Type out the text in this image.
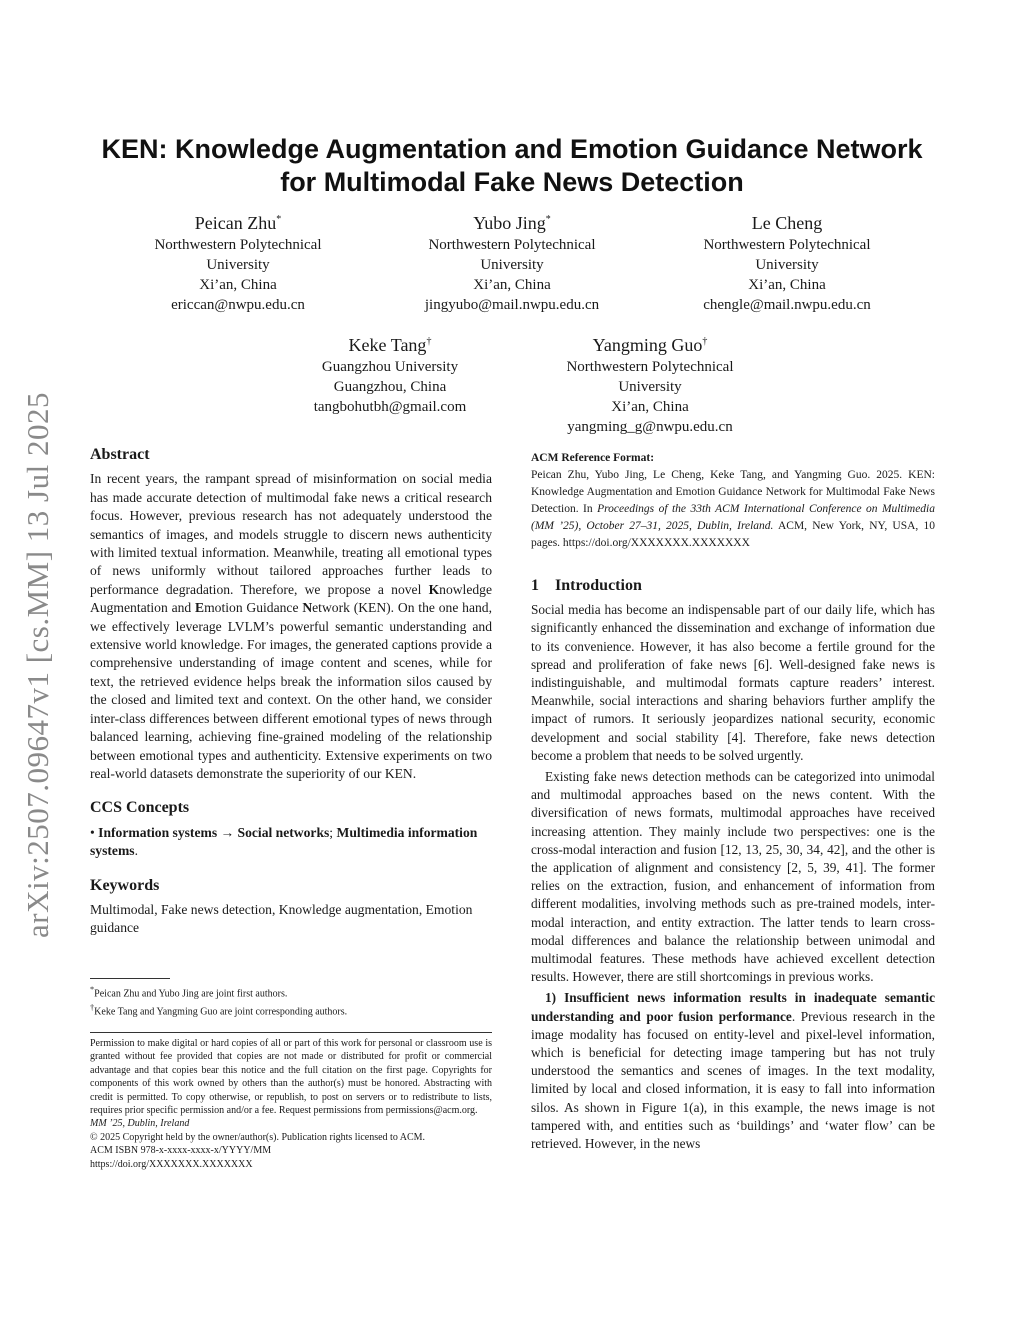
arXiv:2507.09647v1 [cs.MM] 13 Jul 2025
KEN: Knowledge Augmentation and Emotion Guidance Network
for Multimodal Fake News Detection
Peican Zhu*
Northwestern Polytechnical
University
Xi’an, China
ericcan@nwpu.edu.cn
Yubo Jing*
Northwestern Polytechnical
University
Xi’an, China
jingyubo@mail.nwpu.edu.cn
Le Cheng
Northwestern Polytechnical
University
Xi’an, China
chengle@mail.nwpu.edu.cn
Keke Tang†
Guangzhou University
Guangzhou, China
tangbohutbh@gmail.com
Yangming Guo†
Northwestern Polytechnical
University
Xi’an, China
yangming_g@nwpu.edu.cn
Abstract

In recent years, the rampant spread of misinformation on social media has made accurate detection of multimodal fake news a critical research focus. However, previous research has not adequately understood the semantics of images, and models struggle to discern news authenticity with limited textual information. Meanwhile, treating all emotional types of news uniformly without tailored approaches further leads to performance degradation. Therefore, we propose a novel Knowledge Augmentation and Emotion Guidance Network (KEN). On the one hand, we effectively leverage LVLM’s powerful semantic understanding and extensive world knowledge. For images, the generated captions provide a comprehensive understanding of image content and scenes, while for text, the retrieved evidence helps break the information silos caused by the closed and limited text and context. On the other hand, we consider inter-class differences between different emotional types of news through balanced learning, achieving fine-grained modeling of the relationship between emotional types and authenticity. Extensive experiments on two real-world datasets demonstrate the superiority of our KEN.

CCS Concepts

• Information systems → Social networks; Multimedia information systems.

Keywords

Multimodal, Fake news detection, Knowledge augmentation, Emotion guidance

*Peican Zhu and Yubo Jing are joint first authors.
†Keke Tang and Yangming Guo are joint corresponding authors.

Permission to make digital or hard copies of all or part of this work for personal or classroom use is granted without fee provided that copies are not made or distributed for profit or commercial advantage and that copies bear this notice and the full citation on the first page. Copyrights for components of this work owned by others than the author(s) must be honored. Abstracting with credit is permitted. To copy otherwise, or republish, to post on servers or to redistribute to lists, requires prior specific permission and/or a fee. Request permissions from permissions@acm.org.

MM ’25, Dublin, Ireland
© 2025 Copyright held by the owner/author(s). Publication rights licensed to ACM.
ACM ISBN 978-x-xxxx-xxxx-x/YYYY/MM
https://doi.org/XXXXXXX.XXXXXXX
ACM Reference Format:

Peican Zhu, Yubo Jing, Le Cheng, Keke Tang, and Yangming Guo. 2025. KEN: Knowledge Augmentation and Emotion Guidance Network for Multimodal Fake News Detection. In Proceedings of the 33th ACM International Conference on Multimedia (MM ’25), October 27–31, 2025, Dublin, Ireland. ACM, New York, NY, USA, 10 pages. https://doi.org/XXXXXXX.XXXXXXX

1    Introduction

Social media has become an indispensable part of our daily life, which has significantly enhanced the dissemination and exchange of information due to its convenience. However, it has also become a fertile ground for the spread and proliferation of fake news [6]. Well-designed fake news is indistinguishable, and multimodal formats capture readers’ interest. Meanwhile, social interactions and sharing behaviors further amplify the impact of rumors. It seriously jeopardizes national security, economic development and social stability [4]. Therefore, fake news detection become a problem that needs to be solved urgently.

Existing fake news detection methods can be categorized into unimodal and multimodal approaches based on the news content. With the diversification of news formats, multimodal approaches have received increasing attention. They mainly include two perspectives: one is the cross-modal interaction and fusion [12, 13, 25, 30, 34, 42], and the other is the application of alignment and consistency [2, 5, 39, 41]. The former relies on the extraction, fusion, and enhancement of information from different modalities, involving methods such as pre-trained models, inter-modal interaction, and entity extraction. The latter tends to learn cross-modal differences and balance the relationship between unimodal and multimodal features. These methods have achieved excellent detection results. However, there are still shortcomings in previous works.

1) Insufficient news information results in inadequate semantic understanding and poor fusion performance. Previous research in the image modality has focused on entity-level and pixel-level information, which is beneficial for detecting image tampering but has not truly understood the semantics and scenes of images. In the text modality, limited by local and closed information, it is easy to fall into information silos. As shown in Figure 1(a), in this example, the news image is not tampered with, and entities such as ‘buildings’ and ‘water flow’ can be retrieved. However, in the news
